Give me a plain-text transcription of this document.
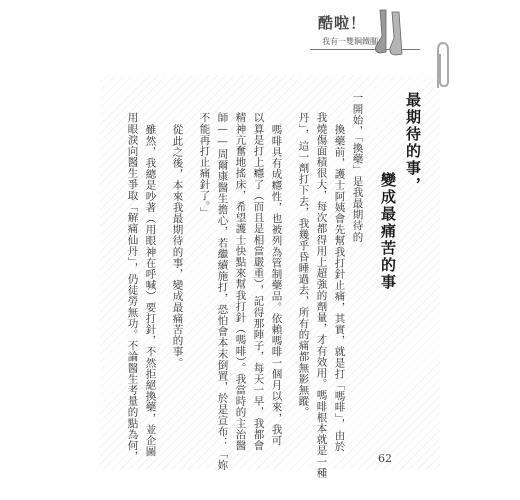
酷啦！
我有一雙鋼鐵腳
最期待的事，
變成最痛苦的事
一開始，「換藥」是我最期待的
換藥前，護士阿姨會先幫我打針止痛，其實，就是打「嗎啡」，由於
我燒傷面積很大，每次都得用上超強的劑量，才有效用。嗎啡根本就是一種
丹」，這一劑打下去，我幾乎昏睡過去，所有的痛都無影無蹤。
嗎啡具有成癮性，也被列為管制藥品。依賴嗎啡一個月以來，我可
以算是打上癮了（而且是相當嚴重），記得那陣子，每天一早，我都會
精神亢奮地搖床，希望護士快點來幫我打針（嗎啡）。我當時的主治醫
師——周爾康醫生擔心，若繼續施打，恐怕會本末倒置，於是宣布：「妳
不能再打止痛針了。」
從此之後，本來我最期待的事，變成最痛苦的事。
雖然，我總是吵著（用眼神在呼喊）要打針，不然拒絕換藥，並企圖
用眼淚向醫生爭取「解痛仙丹」，仍徒勞無功。不論醫生考量的點為何，	62
